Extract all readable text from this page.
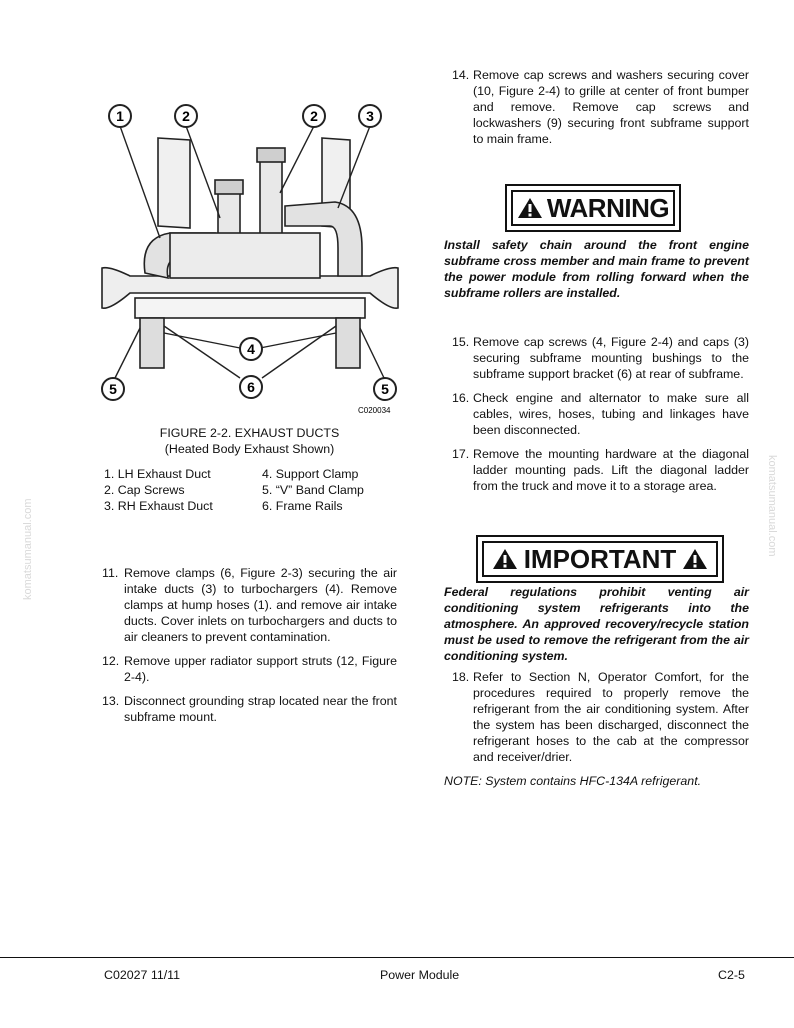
1	2	2	3
4
5	6	5
C020034
FIGURE 2-2. EXHAUST DUCTS
(Heated Body Exhaust Shown)
1. LH Exhaust Duct	4. Support Clamp
2. Cap Screws	5. “V” Band Clamp
3. RH Exhaust Duct	6. Frame Rails

11. Remove clamps (6, Figure 2-3) securing the air intake ducts (3) to turbochargers (4). Remove clamps at hump hoses (1). and remove air intake ducts. Cover inlets on turbochargers and ducts to air cleaners to prevent contamination.

12. Remove upper radiator support struts (12, Figure 2-4).

13. Disconnect grounding strap located near the front subframe mount.

14. Remove cap screws and washers securing cover (10, Figure 2-4) to grille at center of front bumper and remove. Remove cap screws and lockwashers (9) securing front subframe support to main frame.

WARNING

Install safety chain around the front engine subframe cross member and main frame to prevent the power module from rolling forward when the subframe rollers are installed.

15. Remove cap screws (4, Figure 2-4) and caps (3) securing subframe mounting bushings to the subframe support bracket (6) at rear of subframe.

16. Check engine and alternator to make sure all cables, wires, hoses, tubing and linkages have been disconnected.

17. Remove the mounting hardware at the diagonal ladder mounting pads. Lift the diagonal ladder from the truck and move it to a storage area.

IMPORTANT

Federal regulations prohibit venting air conditioning system refrigerants into the atmosphere. An approved recovery/recycle station must be used to remove the refrigerant from the air conditioning system.

18. Refer to Section N, Operator Comfort, for the procedures required to properly remove the refrigerant from the air conditioning system. After the system has been discharged, disconnect the refrigerant hoses to the cab at the compressor and receiver/drier.

NOTE: System contains HFC-134A refrigerant.

C02027 11/11	Power Module	C2-5
komatsumanual.com	komatsumanual.com
